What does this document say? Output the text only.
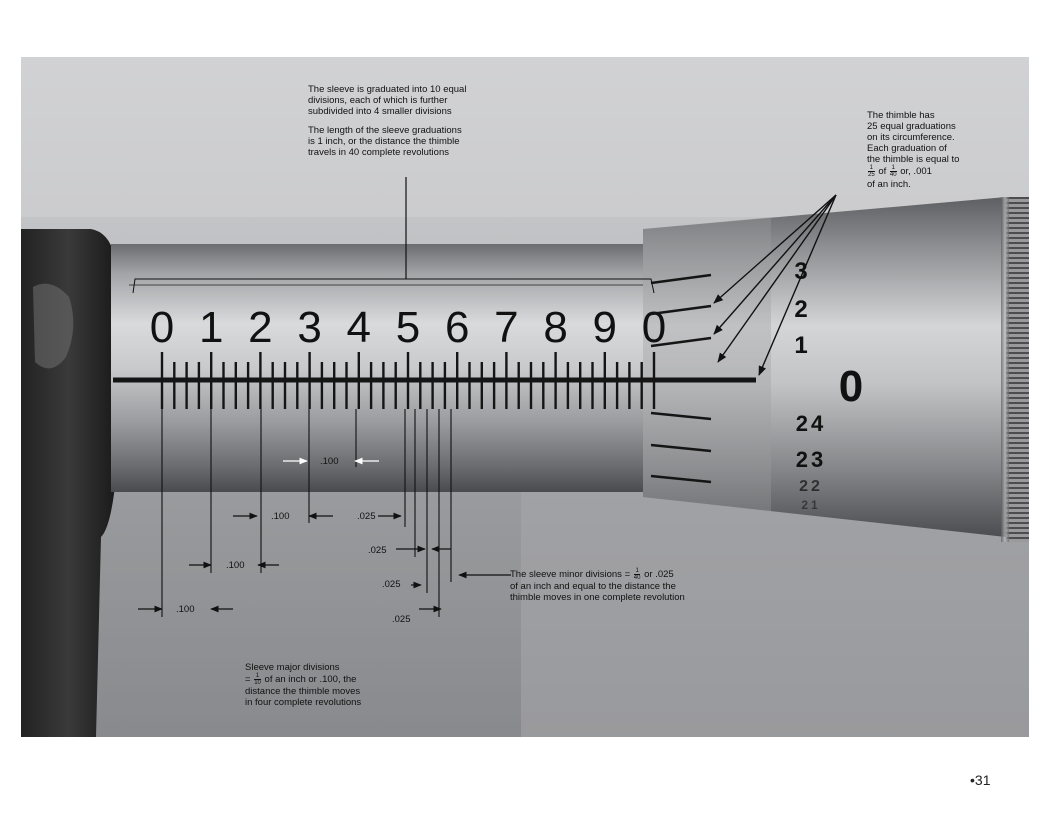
0 1 2 3 4 5 6 7 8 9 0
3
2
1
0
24
23
22
21
The sleeve is graduated into 10 equal
divisions, each of which is further
subdivided into 4 smaller divisions
The length of the sleeve graduations
is 1 inch, or the distance the thimble
travels in 40 complete revolutions
The thimble has
25 equal graduations
on its circumference.
Each graduation of
the thimble is equal to
$\frac{1}{25}$ of $\frac{1}{40}$ or, .001
of an inch.
The sleeve minor divisions = $\frac{1}{40}$ or .025
of an inch and equal to the distance the
thimble moves in one complete revolution
Sleeve major divisions
= $\frac{1}{10}$ of an inch or .100, the
distance the thimble moves
in four complete revolutions
.100
.100	.025
.100
.025
.100
.025
.025
•31
